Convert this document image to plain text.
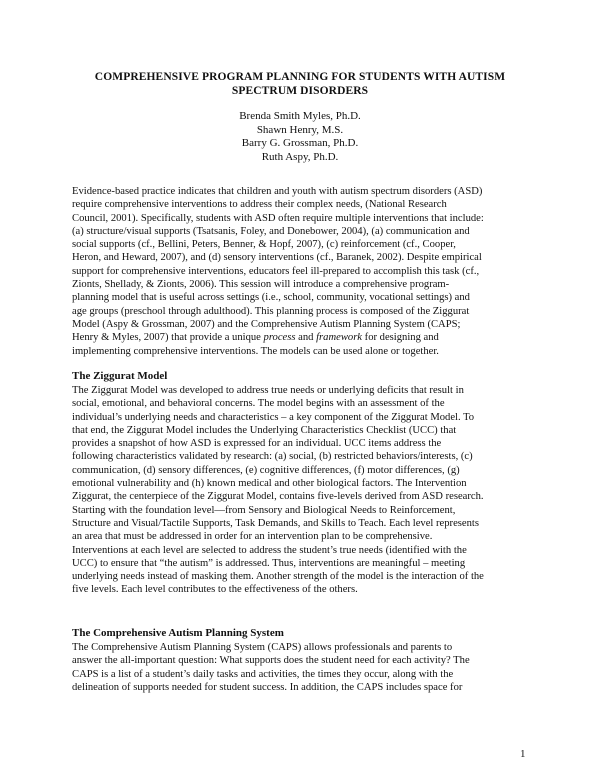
COMPREHENSIVE PROGRAM PLANNING FOR STUDENTS WITH AUTISM
SPECTRUM DISORDERS
Brenda Smith Myles, Ph.D.
Shawn Henry, M.S.
Barry G. Grossman, Ph.D.
Ruth Aspy, Ph.D.
Evidence-based practice indicates that children and youth with autism spectrum disorders (ASD)
require comprehensive interventions to address their complex needs, (National Research
Council, 2001). Specifically, students with ASD often require multiple interventions that include:
(a) structure/visual supports (Tsatsanis, Foley, and Donebower, 2004), (a) communication and
social supports (cf., Bellini, Peters, Benner, & Hopf, 2007), (c) reinforcement (cf., Cooper,
Heron, and Heward, 2007), and (d) sensory interventions (cf., Baranek, 2002). Despite empirical
support for comprehensive interventions, educators feel ill-prepared to accomplish this task (cf.,
Zionts, Shellady, & Zionts, 2006). This session will introduce a comprehensive program-
planning model that is useful across settings (i.e., school, community, vocational settings) and
age groups (preschool through adulthood). This planning process is composed of the Ziggurat
Model (Aspy & Grossman, 2007) and the Comprehensive Autism Planning System (CAPS;
Henry & Myles, 2007) that provide a unique process and framework for designing and
implementing comprehensive interventions. The models can be used alone or together.
The Ziggurat Model
The Ziggurat Model was developed to address true needs or underlying deficits that result in
social, emotional, and behavioral concerns. The model begins with an assessment of the
individual’s underlying needs and characteristics – a key component of the Ziggurat Model. To
that end, the Ziggurat Model includes the Underlying Characteristics Checklist (UCC) that
provides a snapshot of how ASD is expressed for an individual. UCC items address the
following characteristics validated by research: (a) social, (b) restricted behaviors/interests, (c)
communication, (d) sensory differences, (e) cognitive differences, (f) motor differences, (g)
emotional vulnerability and (h) known medical and other biological factors. The Intervention
Ziggurat, the centerpiece of the Ziggurat Model, contains five-levels derived from ASD research.
Starting with the foundation level—from Sensory and Biological Needs to Reinforcement,
Structure and Visual/Tactile Supports, Task Demands, and Skills to Teach. Each level represents
an area that must be addressed in order for an intervention plan to be comprehensive.
Interventions at each level are selected to address the student’s true needs (identified with the
UCC) to ensure that “the autism” is addressed. Thus, interventions are meaningful – meeting
underlying needs instead of masking them. Another strength of the model is the interaction of the
five levels. Each level contributes to the effectiveness of the others.
The Comprehensive Autism Planning System
The Comprehensive Autism Planning System (CAPS) allows professionals and parents to
answer the all-important question: What supports does the student need for each activity? The
CAPS is a list of a student’s daily tasks and activities, the times they occur, along with the
delineation of supports needed for student success. In addition, the CAPS includes space for
1
